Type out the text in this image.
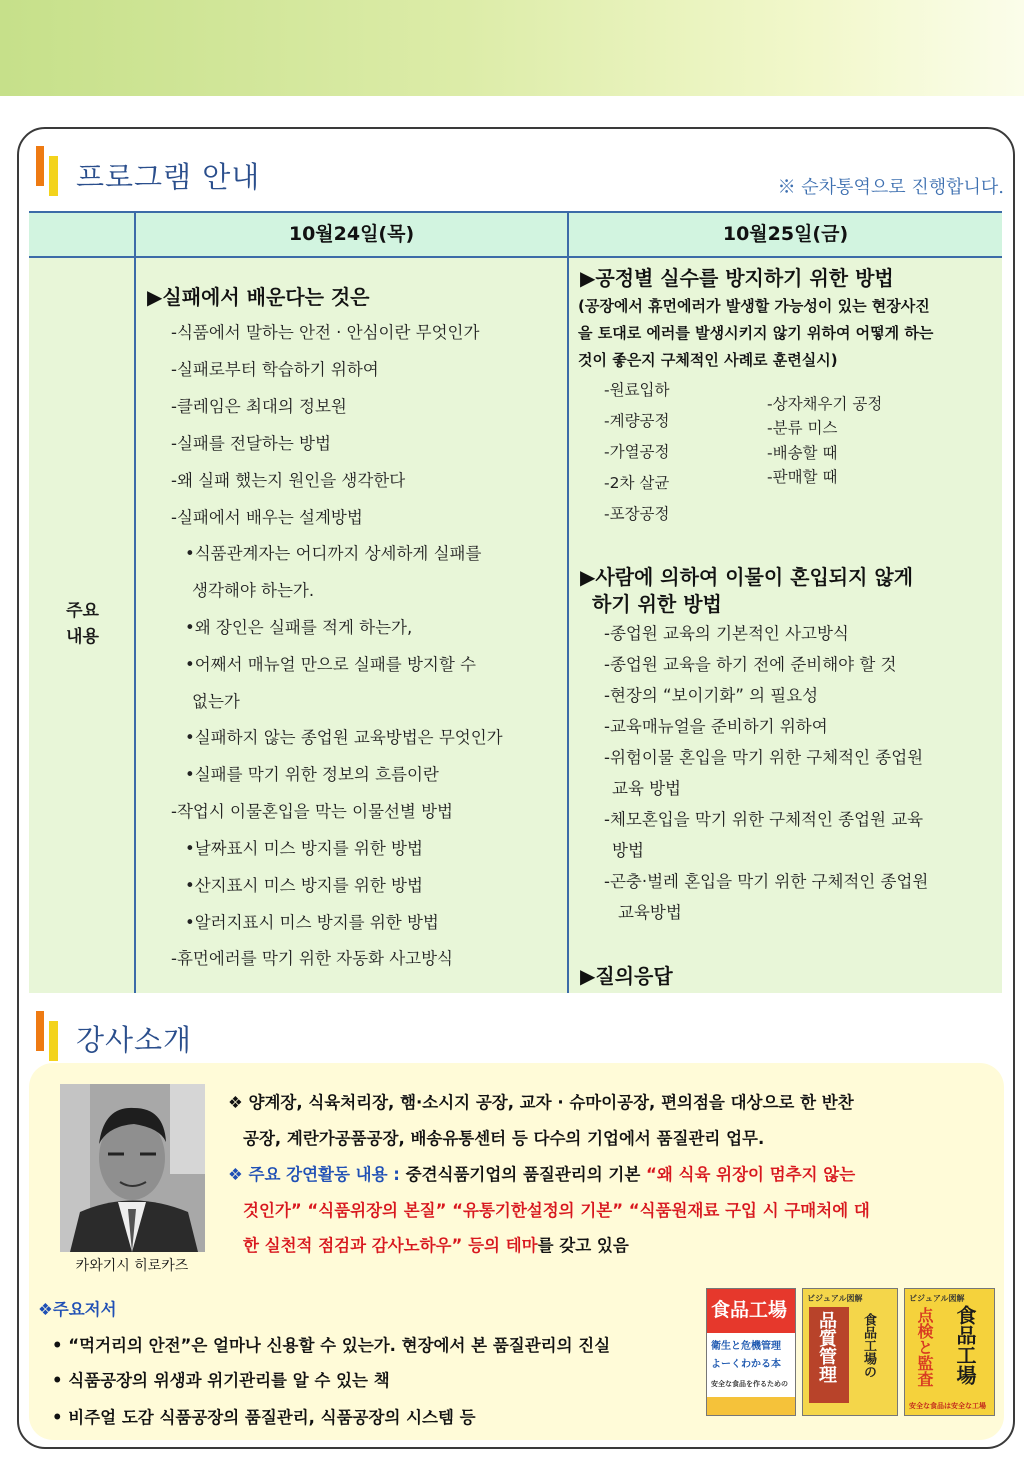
프로그램 안내	※ 순차통역으로 진행합니다.
10월24일(목)	10월25일(금)
주요
내용
▶실패에서 배운다는 것은
-식품에서 말하는 안전 · 안심이란 무엇인가
-실패로부터 학습하기 위하여
-클레임은 최대의 정보원
-실패를 전달하는 방법
-왜 실패 했는지 원인을 생각한다
-실패에서 배우는 설계방법
•식품관계자는 어디까지 상세하게 실패를
생각해야 하는가.
•왜 장인은 실패를 적게 하는가,
•어째서 매뉴얼 만으로 실패를 방지할 수
없는가
•실패하지 않는 종업원 교육방법은 무엇인가
•실패를 막기 위한 정보의 흐름이란
-작업시 이물혼입을 막는 이물선별 방법
•날짜표시 미스 방지를 위한 방법
•산지표시 미스 방지를 위한 방법
•알러지표시 미스 방지를 위한 방법
-휴먼에러를 막기 위한 자동화 사고방식
▶공정별 실수를 방지하기 위한 방법
(공장에서 휴먼에러가 발생할 가능성이 있는 현장사진
을 토대로 에러를 발생시키지 않기 위하여 어떻게 하는
것이 좋은지 구체적인 사례로 훈련실시)
-원료입하
-계량공정
-가열공정
-2차 살균
-포장공정
-상자채우기 공정
-분류 미스
-배송할 때
-판매할 때
▶사람에 의하여 이물이 혼입되지 않게
하기 위한 방법
-종업원 교육의 기본적인 사고방식
-종업원 교육을 하기 전에 준비해야 할 것
-현장의 “보이기화” 의 필요성
-교육매뉴얼을 준비하기 위하여
-위험이물 혼입을 막기 위한 구체적인 종업원
교육 방법
-체모혼입을 막기 위한 구체적인 종업원 교육
방법
-곤충·벌레 혼입을 막기 위한 구체적인 종업원
교육방법
▶질의응답
강사소개
카와기시 히로카즈
❖ 양계장, 식육처리장, 햄·소시지 공장, 교자 · 슈마이공장, 편의점을 대상으로 한 반찬
공장, 계란가공품공장, 배송유통센터 등 다수의 기업에서 품질관리 업무.
❖ 주요 강연활동 내용 : 중견식품기업의 품질관리의 기본 “왜 식육 위장이 멈추지 않는
것인가” “식품위장의 본질” “유통기한설정의 기본” “식품원재료 구입 시 구매처에 대
한 실천적 점검과 감사노하우” 등의 테마를 갖고 있음
❖주요저서
• “먹거리의 안전”은 얼마나 신용할 수 있는가. 현장에서 본 품질관리의 진실
• 식품공장의 위생과 위기관리를 알 수 있는 책
• 비주얼 도감 식품공장의 품질관리, 식품공장의 시스템 등
食品工場
衛生と危機管理
よーくわかる本
安全な食品を作るための
ビジュアル図解
品質管理 食品工場の
ビジュアル図解
食品工場
点検と監査
安全な食品は安全な工場
